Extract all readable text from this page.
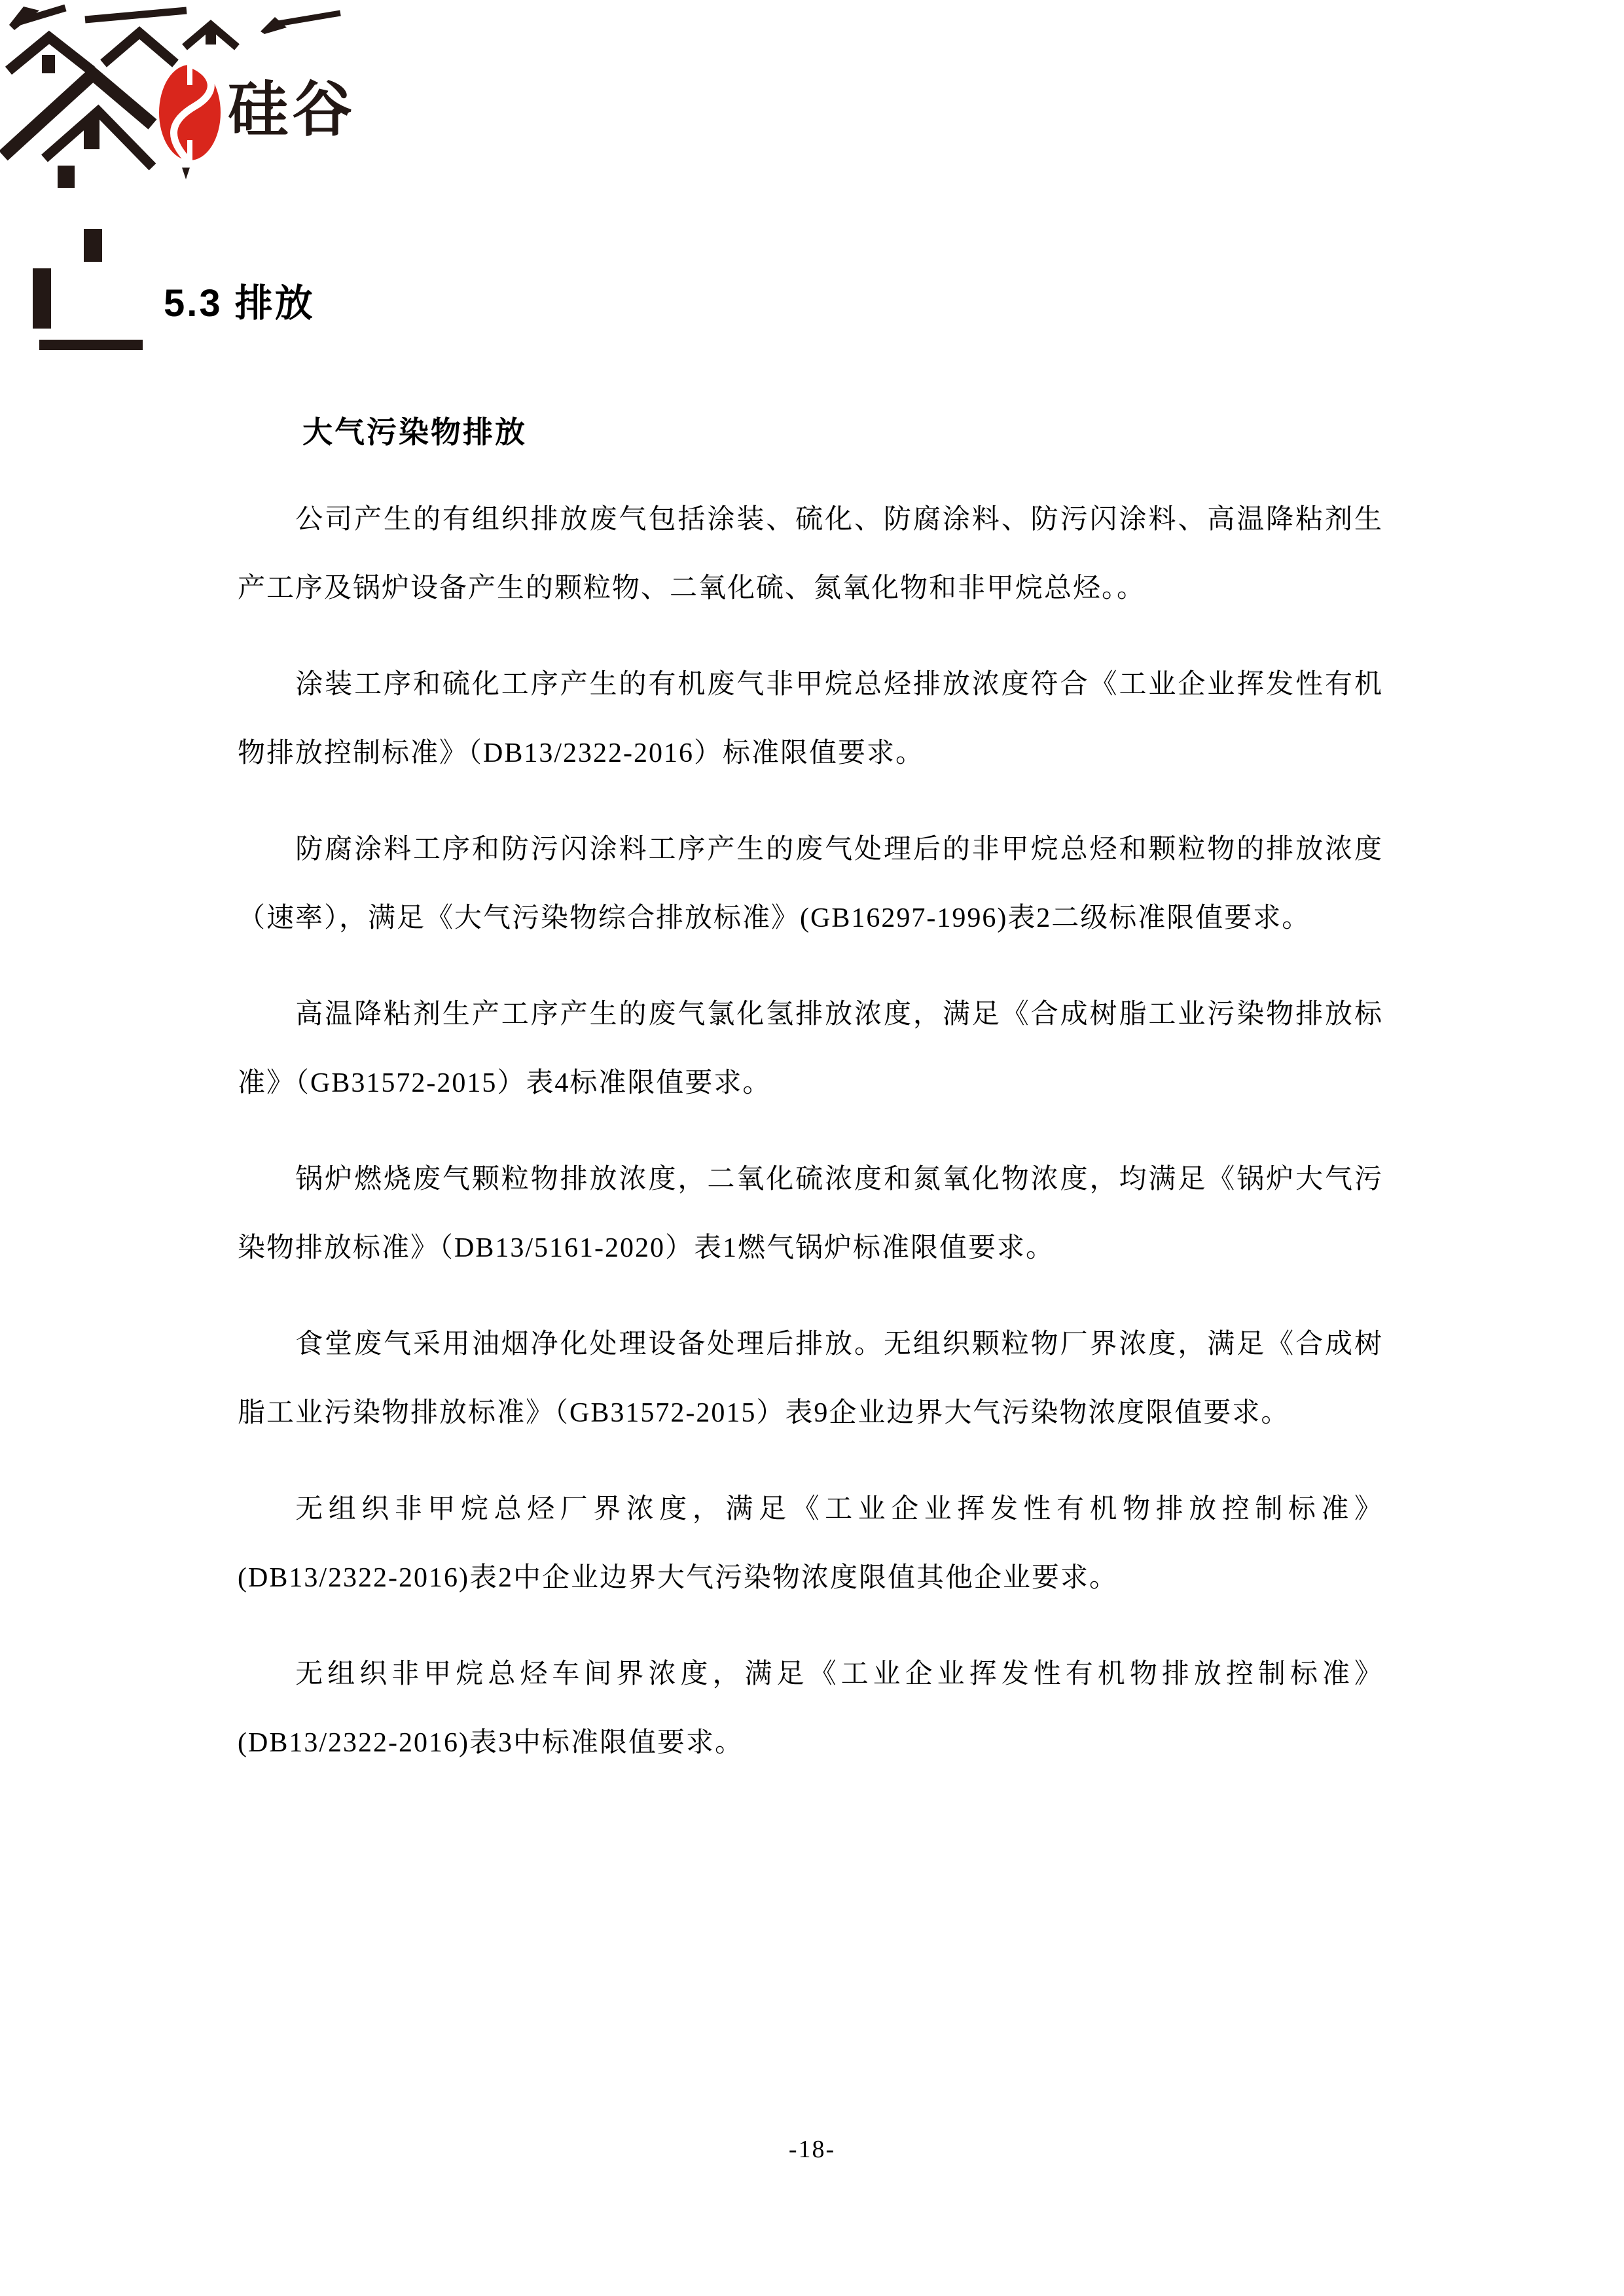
硅谷
5.3 排放
大气污染物排放

公司产生的有组织排放废气包括涂装、硫化、防腐涂料、防污闪涂料、高温降粘剂生产工序及锅炉设备产生的颗粒物、二氧化硫、氮氧化物和非甲烷总烃。。

涂装工序和硫化工序产生的有机废气非甲烷总烃排放浓度符合《工业企业挥发性有机物排放控制标准》（DB13/2322-2016）标准限值要求。

防腐涂料工序和防污闪涂料工序产生的废气处理后的非甲烷总烃和颗粒物的排放浓度（速率），满足《大气污染物综合排放标准》(GB16297-1996)表2二级标准限值要求。

高温降粘剂生产工序产生的废气氯化氢排放浓度，满足《合成树脂工业污染物排放标准》（GB31572-2015）表4标准限值要求。

锅炉燃烧废气颗粒物排放浓度，二氧化硫浓度和氮氧化物浓度，均满足《锅炉大气污染物排放标准》（DB13/5161-2020）表1燃气锅炉标准限值要求。

食堂废气采用油烟净化处理设备处理后排放。无组织颗粒物厂界浓度，满足《合成树脂工业污染物排放标准》（GB31572-2015）表9企业边界大气污染物浓度限值要求。

无组织非甲烷总烃厂界浓度，满足《工业企业挥发性有机物排放控制标准》(DB13/2322-2016)表2中企业边界大气污染物浓度限值其他企业要求。

无组织非甲烷总烃车间界浓度，满足《工业企业挥发性有机物排放控制标准》(DB13/2322-2016)表3中标准限值要求。

-18-
